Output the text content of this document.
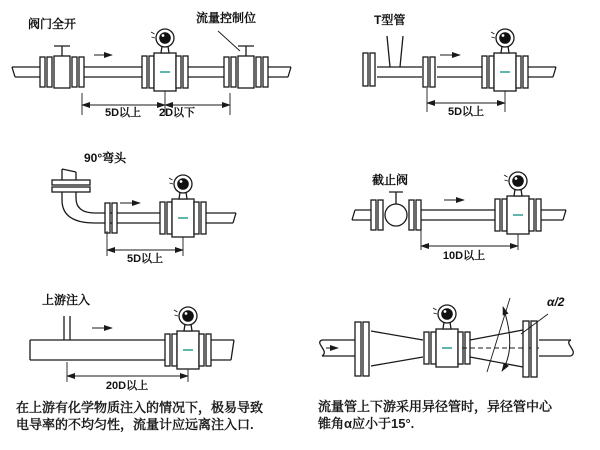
阀门全开	流量控制位
5D以上 2D以下
T型管
5D以上
90°弯头
5D以上
截止阀
10D以上
上游注入
20D以上
α/2
在上游有化学物质注入的情况下，极易导致
电导率的不均匀性，流量计应远离注入口.
流量管上下游采用异径管时，异径管中心
锥角α应小于15°.
